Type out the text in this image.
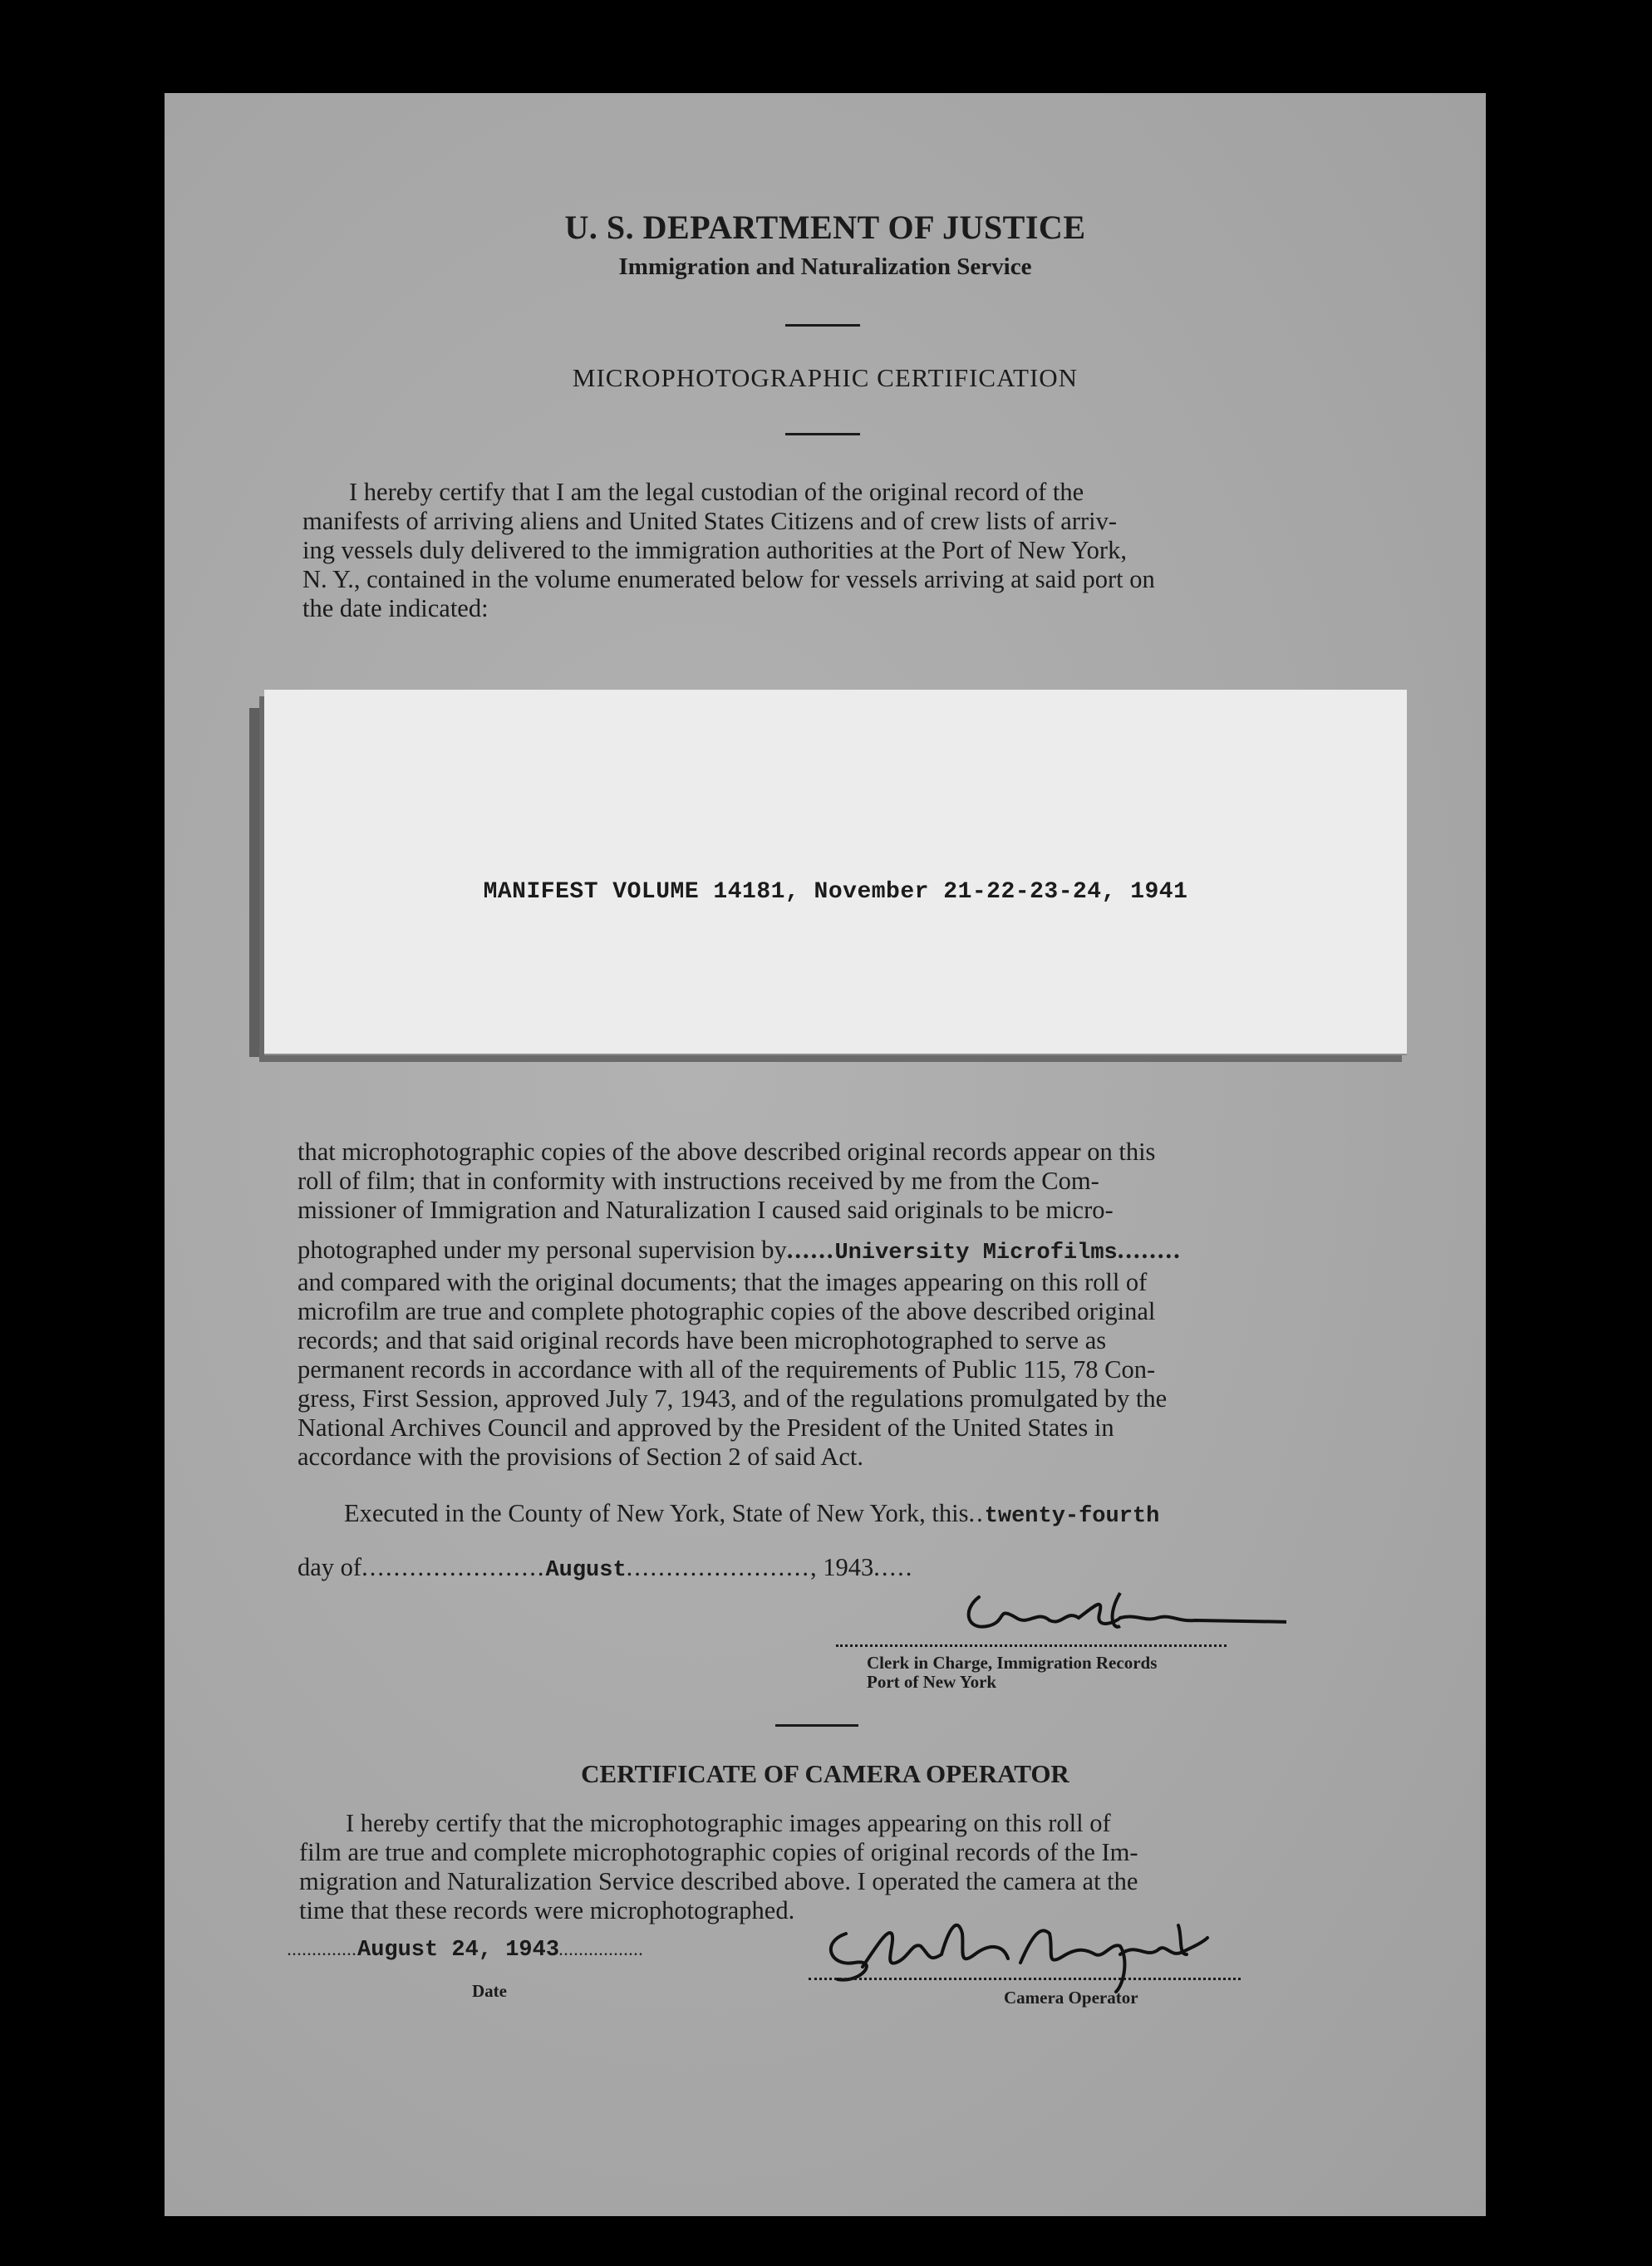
U. S. DEPARTMENT OF JUSTICE
Immigration and Naturalization Service
MICROPHOTOGRAPHIC CERTIFICATION

I hereby certify that I am the legal custodian of the original record of the

manifests of arriving aliens and United States Citizens and of crew lists of arriv-

ing vessels duly delivered to the immigration authorities at the Port of New York,

N. Y., contained in the volume enumerated below for vessels arriving at said port on

the date indicated:

MANIFEST VOLUME 14181, November 21-22-23-24, 1941

that microphotographic copies of the above described original records appear on this

roll of film; that in conformity with instructions received by me from the Com-

missioner of Immigration and Naturalization I caused said originals to be micro-

photographed under my personal supervision by......University Microfilms........

and compared with the original documents; that the images appearing on this roll of

microfilm are true and complete photographic copies of the above described original

records; and that said original records have been microphotographed to serve as

permanent records in accordance with all of the requirements of Public 115, 78 Con-

gress, First Session, approved July 7, 1943, and of the regulations promulgated by the

National Archives Council and approved by the President of the United States in

accordance with the provisions of Section 2 of said Act.

Executed in the County of New York, State of New York, this..twenty-fourth

day of.......................August......................., 1943.....

Clerk in Charge, Immigration Records
Port of New York
CERTIFICATE OF CAMERA OPERATOR

I hereby certify that the microphotographic images appearing on this roll of

film are true and complete microphotographic copies of original records of the Im-

migration and Naturalization Service described above. I operated the camera at the

time that these records were microphotographed.

.............. August 24, 1943 .................
Date	Camera Operator
